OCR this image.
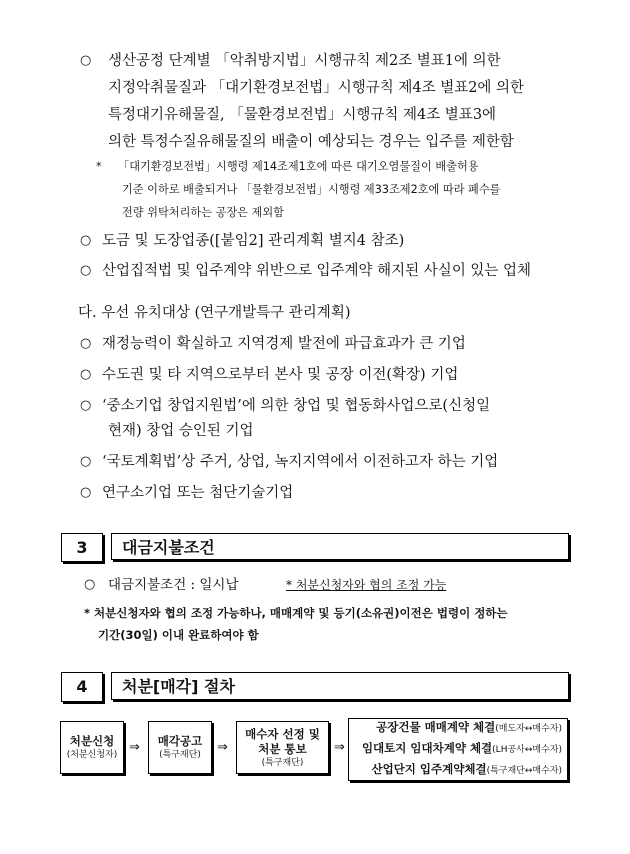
○ 생산공정 단계별 「악취방지법」시행규칙 제2조 별표1에 의한
지정악취물질과 「대기환경보전법」시행규칙 제4조 별표2에 의한
특정대기유해물질, 「물환경보전법」시행규칙 제4조 별표3에
의한 특정수질유해물질의 배출이 예상되는 경우는 입주를 제한함
* 「대기환경보전법」시행령 제14조제1호에 따른 대기오염물질이 배출허용
기준 이하로 배출되거나 「물환경보전법」시행령 제33조제2호에 따라 폐수를
전량 위탁처리하는 공장은 제외함
○ 도금 및 도장업종([붙임2] 관리계획 별지4 참조)
○ 산업집적법 및 입주계약 위반으로 입주계약 해지된 사실이 있는 업체
다. 우선 유치대상 (연구개발특구 관리계획)
○ 재정능력이 확실하고 지역경제 발전에 파급효과가 큰 기업
○ 수도권 및 타 지역으로부터 본사 및 공장 이전(확장) 기업
○ ‘중소기업 창업지원법’에 의한 창업 및 협동화사업으로(신청일
현재) 창업 승인된 기업
○ ‘국토계획법’상 주거, 상업, 녹지지역에서 이전하고자 하는 기업
○ 연구소기업 또는 첨단기술기업
3	대금지불조건
○ 대금지불조건 : 일시납	* 처분신청자와 협의 조정 가능
* 처분신청자와 협의 조정 가능하나, 매매계약 및 등기(소유권)이전은 법령이 정하는
기간(30일) 이내 완료하여야 함
4	처분[매각] 절차
처분신청
(처분신청자) ⇒	매각공고
(특구재단)	⇒
매수자 선정 및
처분 통보
(특구재단)
⇒
공장건물 매매계약 체결(매도자↔매수자)
임대토지 임대차계약 체결(LH공사↔매수자)
산업단지 입주계약체결(특구재단↔매수자)
